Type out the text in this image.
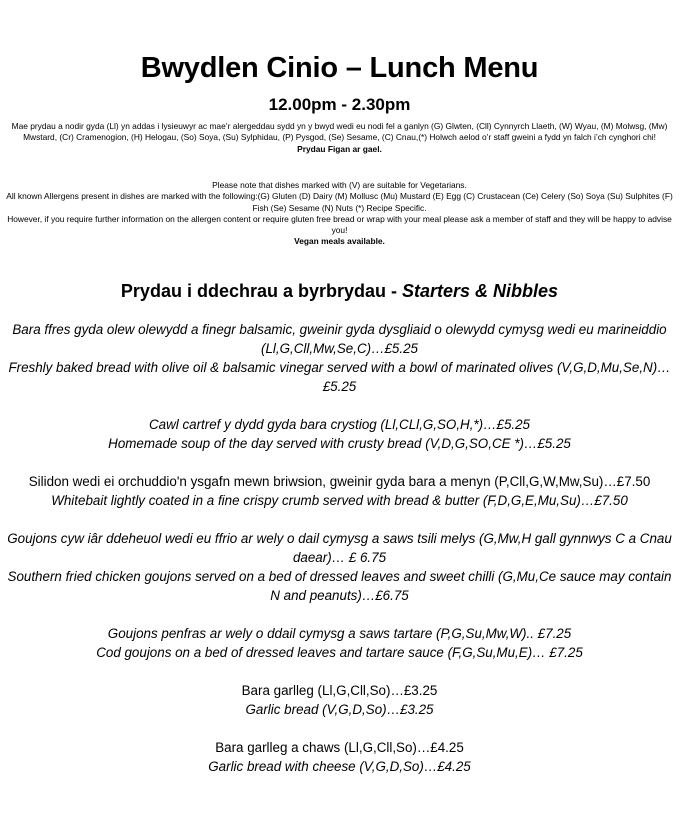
Bwydlen Cinio – Lunch Menu
12.00pm - 2.30pm

Mae prydau a nodir gyda (Ll) yn addas i lysieuwyr ac mae’r alergeddau sydd yn y bwyd wedi eu nodi fel a ganlyn (G) Glwten, (Cll) Cynnyrch Llaeth, (W) Wyau, (M) Molwsg, (Mw) Mwstard, (Cr) Cramenogion, (H) Helogau, (So) Soya, (Su) Sylphidau, (P) Pysgod, (Se) Sesame, (C) Cnau,(*) Holwch aelod o’r staff gweini a fydd yn falch i’ch cynghori chi!

Prydau Figan ar gael.

Please note that dishes marked with (V) are suitable for Vegetarians.

All known Allergens present in dishes are marked with the following:(G) Gluten (D) Dairy (M) Mollusc (Mu) Mustard (E) Egg (C) Crustacean (Ce) Celery (So) Soya (Su) Sulphites (F) Fish (Se) Sesame (N) Nuts (*) Recipe Specific.

However, if you require further information on the allergen content or require gluten free bread or wrap with your meal please ask a member of staff and they will be happy to advise you!

Vegan meals available.

Prydau i ddechrau a byrbrydau - Starters & Nibbles

Bara ffres gyda olew olewydd a finegr balsamic, gweinir gyda dysgliaid o olewydd cymysg wedi eu marineiddio (Ll,G,Cll,Mw,Se,C)…£5.25

Freshly baked bread with olive oil & balsamic vinegar served with a bowl of marinated olives (V,G,D,Mu,Se,N)…£5.25

Cawl cartref y dydd gyda bara crystiog (Ll,CLl,G,SO,H,*)…£5.25

Homemade soup of the day served with crusty bread (V,D,G,SO,CE *)…£5.25

Silidon wedi ei orchuddio'n ysgafn mewn briwsion, gweinir gyda bara a menyn (P,Cll,G,W,Mw,Su)…£7.50

Whitebait lightly coated in a fine crispy crumb served with bread & butter (F,D,G,E,Mu,Su)…£7.50

Goujons cyw iâr ddeheuol wedi eu ffrio ar wely o dail cymysg a saws tsili melys (G,Mw,H gall gynnwys C a Cnau daear)… £ 6.75

Southern fried chicken goujons served on a bed of dressed leaves and sweet chilli (G,Mu,Ce sauce may contain N and peanuts)…£6.75

Goujons penfras ar wely o ddail cymysg a saws tartare (P,G,Su,Mw,W).. £7.25

Cod goujons on a bed of dressed leaves and tartare sauce (F,G,Su,Mu,E)… £7.25

Bara garlleg (Ll,G,Cll,So)…£3.25

Garlic bread (V,G,D,So)…£3.25

Bara garlleg a chaws (Ll,G,Cll,So)…£4.25

Garlic bread with cheese (V,G,D,So)…£4.25
